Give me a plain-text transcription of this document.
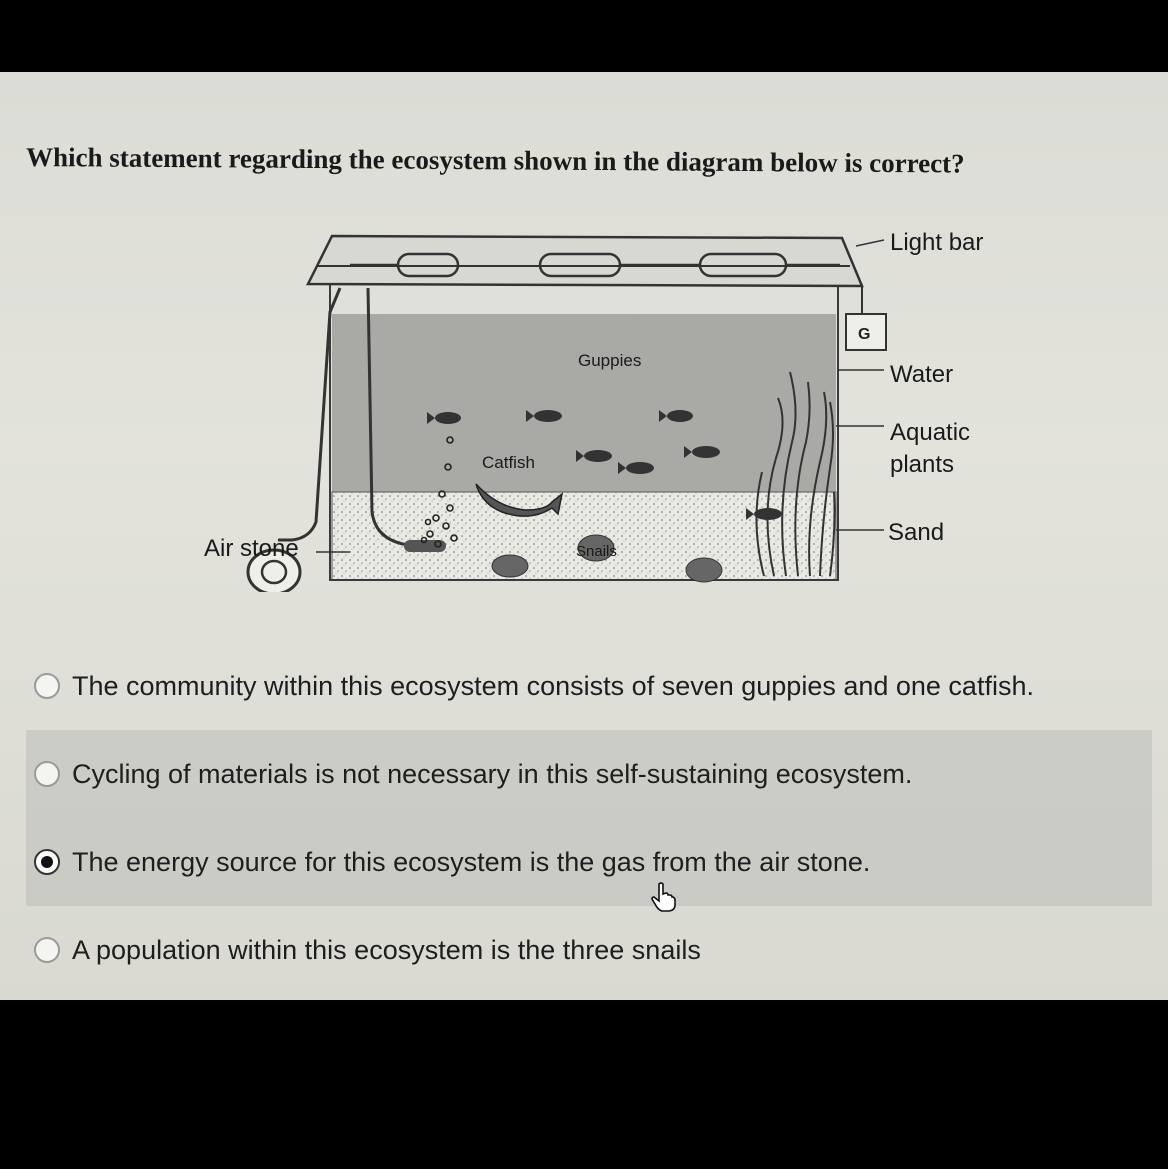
Which statement regarding the ecosystem shown in the diagram below is correct?

G
Light bar
Water
Aquatic
plants
Sand
Air stone
Guppies
Catfish
Snails
The community within this ecosystem consists of seven guppies and one catfish.
Cycling of materials is not necessary in this self-sustaining ecosystem.
The energy source for this ecosystem is the gas from the air stone.
A population within this ecosystem is the three snails
